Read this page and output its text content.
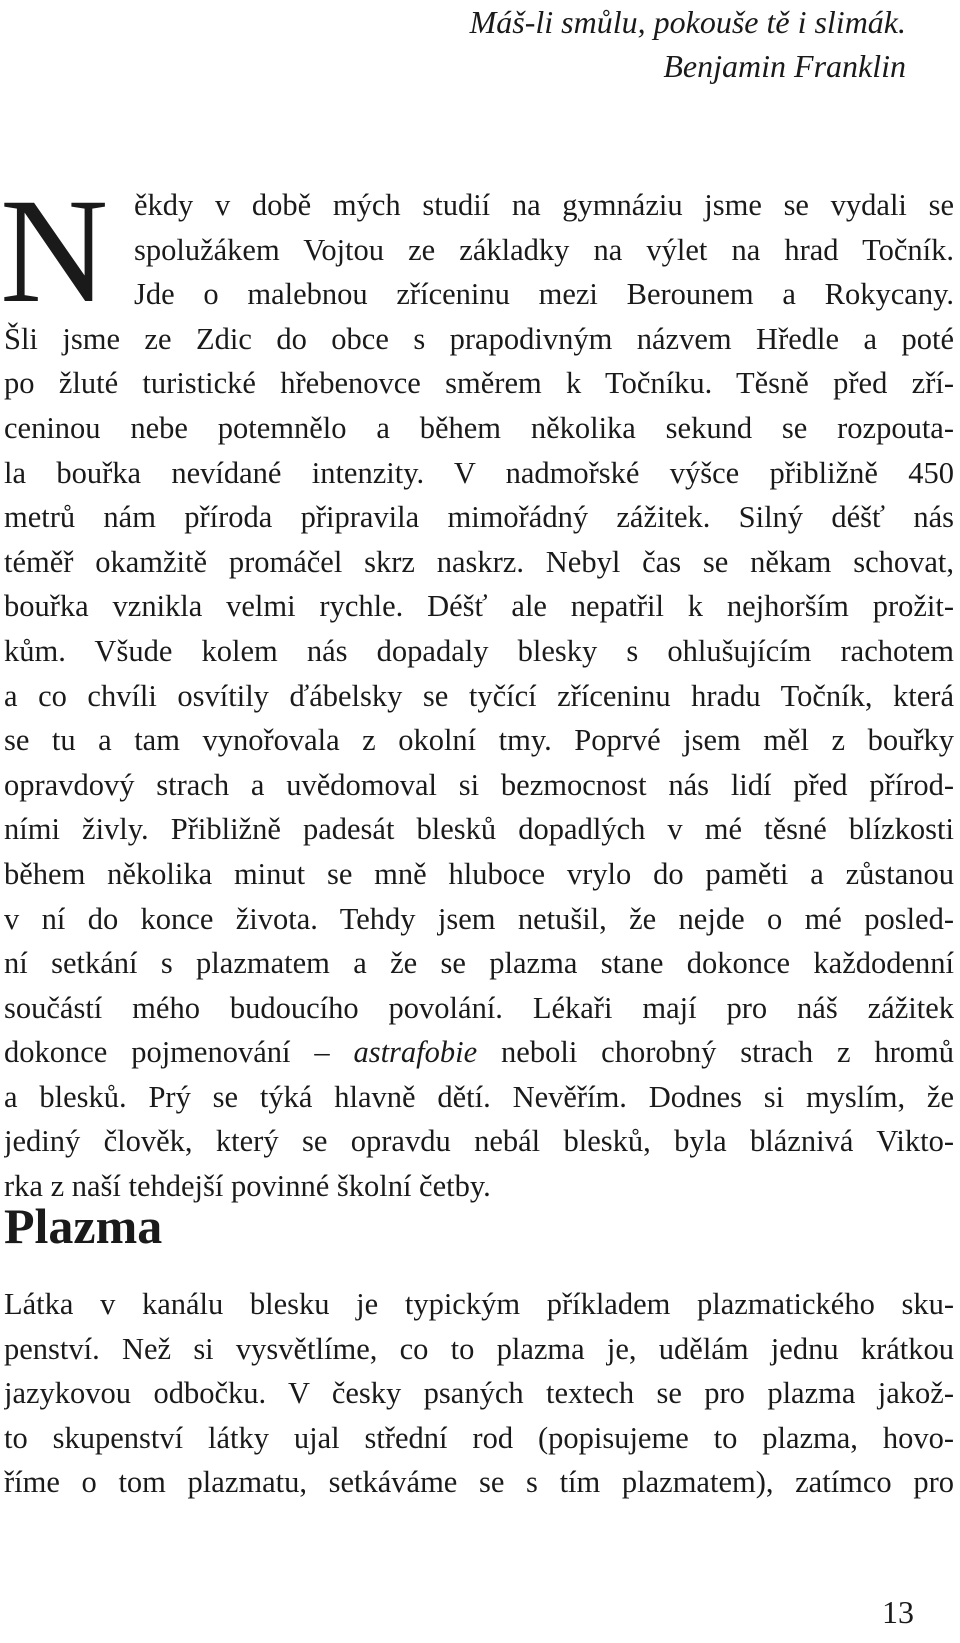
Máš-li smůlu, pokouše tě i slimák.
Benjamin Franklin
N ěkdy v době mých studií na gymnáziu jsme se vydali se
spolužákem Vojtou ze základky na výlet na hrad Točník.
Jde o malebnou zříceninu mezi Berounem a Rokycany.
Šli jsme ze Zdic do obce s prapodivným názvem Hředle a poté
po žluté turistické hřebenovce směrem k Točníku. Těsně před zří-
ceninou nebe potemnělo a během několika sekund se rozpouta-
la bouřka nevídané intenzity. V nadmořské výšce přibližně 450
metrů nám příroda připravila mimořádný zážitek. Silný déšť nás
téměř okamžitě promáčel skrz naskrz. Nebyl čas se někam schovat,
bouřka vznikla velmi rychle. Déšť ale nepatřil k nejhorším prožit-
kům. Všude kolem nás dopadaly blesky s ohlušujícím rachotem
a co chvíli osvítily ďábelsky se tyčící zříceninu hradu Točník, která
se tu a tam vynořovala z okolní tmy. Poprvé jsem měl z bouřky
opravdový strach a uvědomoval si bezmocnost nás lidí před přírod-
ními živly. Přibližně padesát blesků dopadlých v mé těsné blízkosti
během několika minut se mně hluboce vrylo do paměti a zůstanou
v ní do konce života. Tehdy jsem netušil, že nejde o mé posled-
ní setkání s plazmatem a že se plazma stane dokonce každodenní
součástí mého budoucího povolání. Lékaři mají pro náš zážitek
dokonce pojmenování – astrafobie neboli chorobný strach z hromů
a blesků. Prý se týká hlavně dětí. Nevěřím. Dodnes si myslím, že
jediný člověk, který se opravdu nebál blesků, byla bláznivá Vikto-
rka z naší tehdejší povinné školní četby.
Plazma
Látka v kanálu blesku je typickým příkladem plazmatického sku-
penství. Než si vysvětlíme, co to plazma je, udělám jednu krátkou
jazykovou odbočku. V česky psaných textech se pro plazma jakož-
to skupenství látky ujal střední rod (popisujeme to plazma, hovo-
říme o tom plazmatu, setkáváme se s tím plazmatem), zatímco pro
13
